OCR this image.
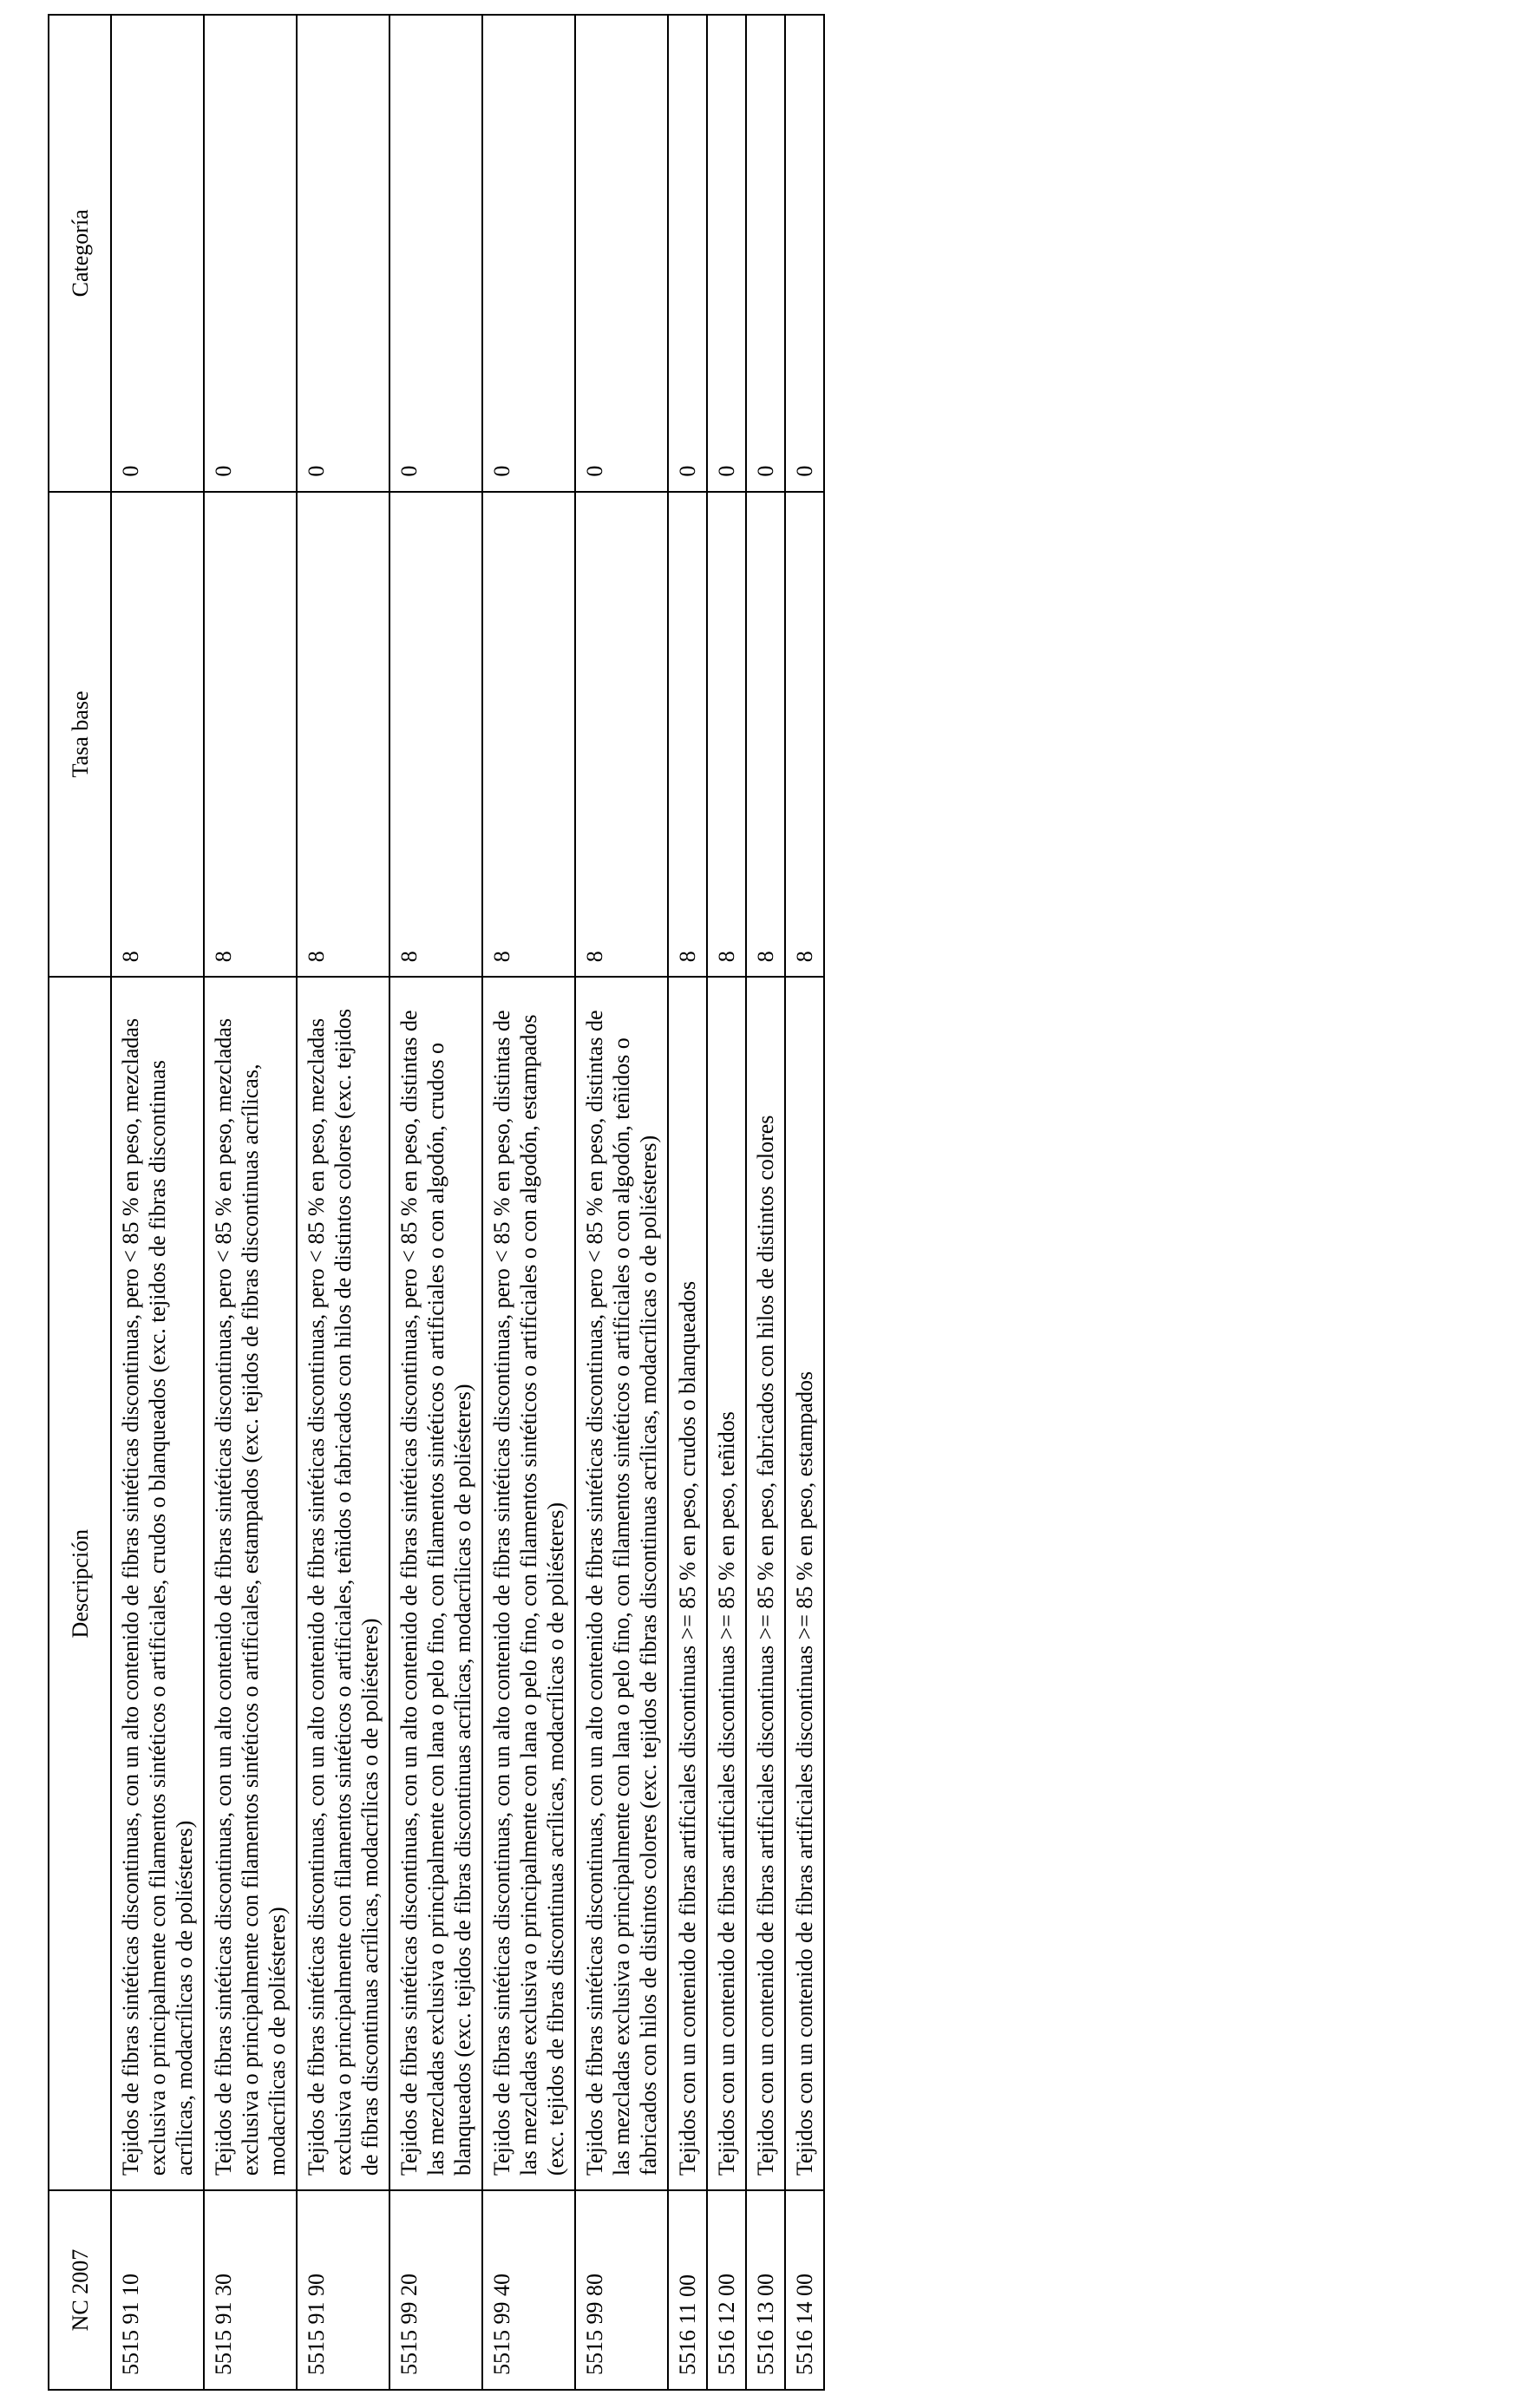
NC 2007	Descripción	Tasa base	Categoría
5515 91 10	Tejidos de fibras sintéticas discontinuas, con un alto contenido de fibras sintéticas discontinuas, pero < 85 % en peso, mezcladas exclusiva o principalmente con filamentos sintéticos o artificiales, crudos o blanqueados (exc. tejidos de fibras discontinuas acrílicas, modacrílicas o de poliésteres)	8	0
5515 91 30	Tejidos de fibras sintéticas discontinuas, con un alto contenido de fibras sintéticas discontinuas, pero < 85 % en peso, mezcladas exclusiva o principalmente con filamentos sintéticos o artificiales, estampados (exc. tejidos de fibras discontinuas acrílicas, modacrílicas o de poliésteres)	8	0
5515 91 90	Tejidos de fibras sintéticas discontinuas, con un alto contenido de fibras sintéticas discontinuas, pero < 85 % en peso, mezcladas exclusiva o principalmente con filamentos sintéticos o artificiales, teñidos o fabricados con hilos de distintos colores (exc. tejidos de fibras discontinuas acrílicas, modacrílicas o de poliésteres)	8	0
5515 99 20	Tejidos de fibras sintéticas discontinuas, con un alto contenido de fibras sintéticas discontinuas, pero < 85 % en peso, distintas de las mezcladas exclusiva o principalmente con lana o pelo fino, con filamentos sintéticos o artificiales o con algodón, crudos o blanqueados (exc. tejidos de fibras discontinuas acrílicas, modacrílicas o de poliésteres)	8	0
5515 99 40	Tejidos de fibras sintéticas discontinuas, con un alto contenido de fibras sintéticas discontinuas, pero < 85 % en peso, distintas de las mezcladas exclusiva o principalmente con lana o pelo fino, con filamentos sintéticos o artificiales o con algodón, estampados (exc. tejidos de fibras discontinuas acrílicas, modacrílicas o de poliésteres)	8	0
5515 99 80	Tejidos de fibras sintéticas discontinuas, con un alto contenido de fibras sintéticas discontinuas, pero < 85 % en peso, distintas de las mezcladas exclusiva o principalmente con lana o pelo fino, con filamentos sintéticos o artificiales o con algodón, teñidos o fabricados con hilos de distintos colores (exc. tejidos de fibras discontinuas acrílicas, modacrílicas o de poliésteres)	8	0
5516 11 00	Tejidos con un contenido de fibras artificiales discontinuas >= 85 % en peso, crudos o blanqueados	8	0
5516 12 00	Tejidos con un contenido de fibras artificiales discontinuas >= 85 % en peso, teñidos	8	0
5516 13 00	Tejidos con un contenido de fibras artificiales discontinuas >= 85 % en peso, fabricados con hilos de distintos colores	8	0
5516 14 00	Tejidos con un contenido de fibras artificiales discontinuas >= 85 % en peso, estampados	8	0
